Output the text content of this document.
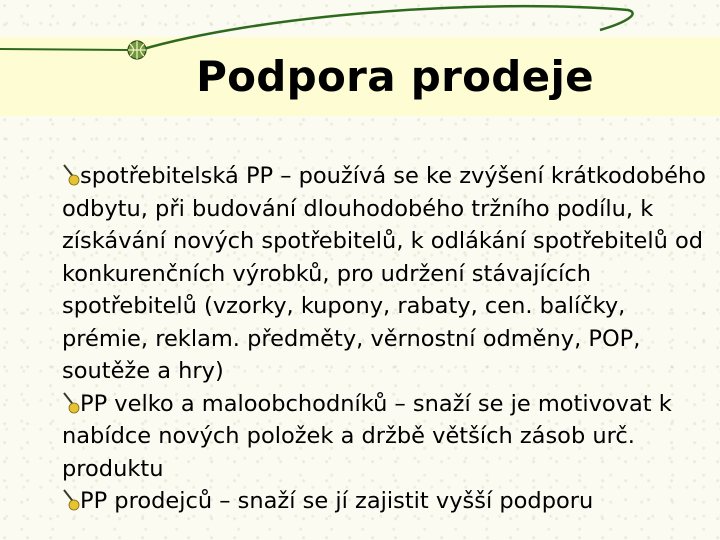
Podpora prodeje

spotřebitelská PP – používá se ke zvýšení krátkodobého odbytu, při budování dlouhodobého tržního podílu, k získávání nových spotřebitelů, k odlákání spotřebitelů od konkurenčních výrobků, pro udržení stávajících spotřebitelů (vzorky, kupony, rabaty, cen. balíčky, prémie, reklam. předměty, věrnostní odměny, POP, soutěže a hry)

PP velko a maloobchodníků – snaží se je motivovat k nabídce nových položek a držbě větších zásob urč. produktu

PP prodejců – snaží se jí zajistit vyšší podporu
